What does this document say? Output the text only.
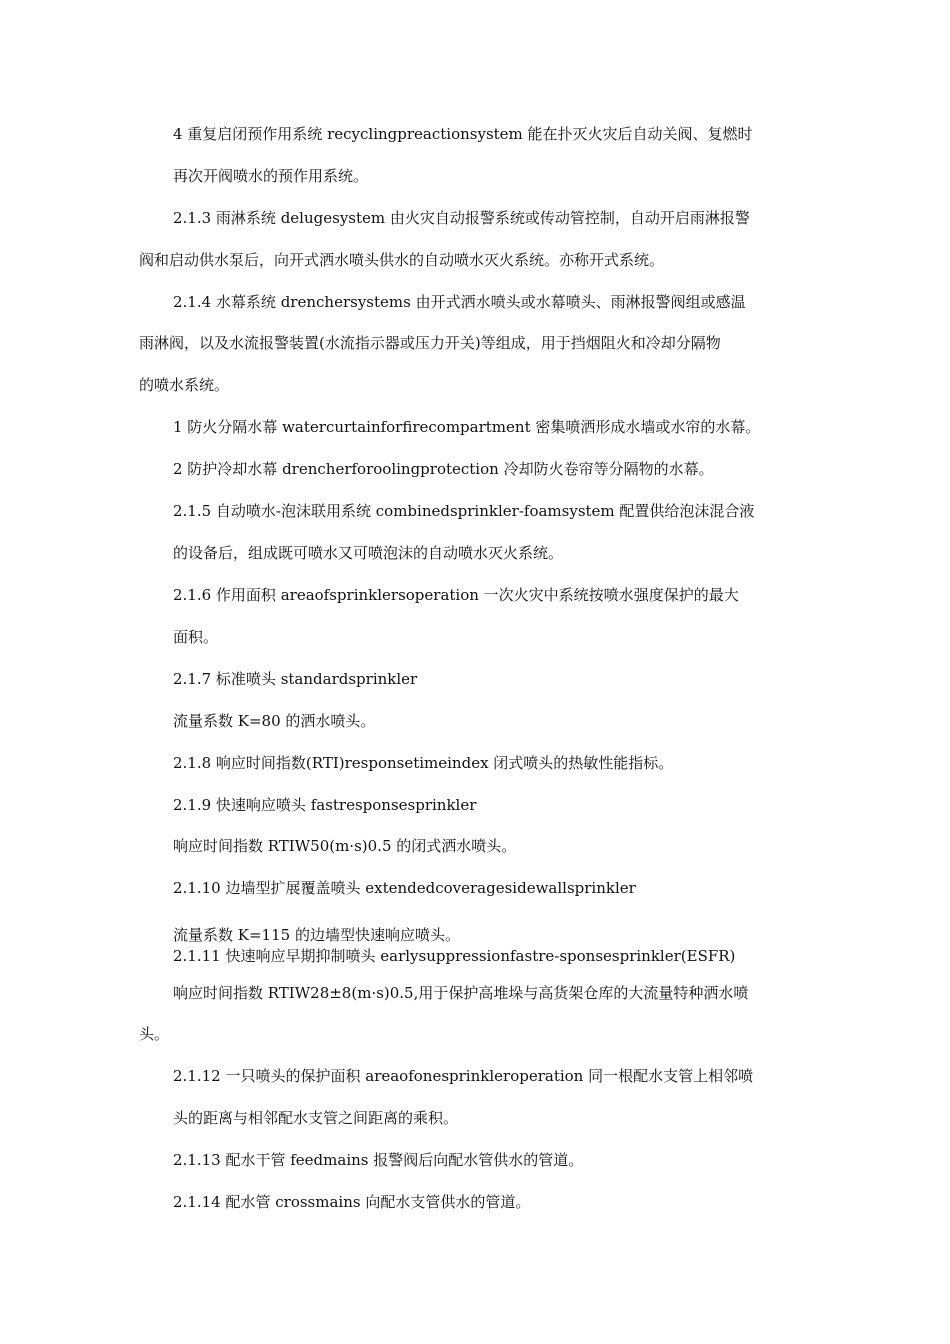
4 重复启闭预作用系统 recyclingpreactionsystem 能在扑灭火灾后自动关阀、复燃时
再次开阀喷水的预作用系统。
2.1.3 雨淋系统 delugesystem 由火灾自动报警系统或传动管控制，自动开启雨淋报警
阀和启动供水泵后，向开式洒水喷头供水的自动喷水灭火系统。亦称开式系统。
2.1.4 水幕系统 drenchersystems 由开式洒水喷头或水幕喷头、雨淋报警阀组或感温
雨淋阀，以及水流报警装置(水流指示器或压力开关)等组成，用于挡烟阻火和冷却分隔物
的喷水系统。
1 防火分隔水幕 watercurtainforfirecompartment 密集喷洒形成水墙或水帘的水幕。
2 防护冷却水幕 drencherforoolingprotection 冷却防火卷帘等分隔物的水幕。
2.1.5 自动喷水-泡沫联用系统 combinedsprinkler-foamsystem 配置供给泡沫混合液
的设备后，组成既可喷水又可喷泡沫的自动喷水灭火系统。
2.1.6 作用面积 areaofsprinklersoperation 一次火灾中系统按喷水强度保护的最大
面积。
2.1.7 标准喷头 standardsprinkler
流量系数 K=80 的洒水喷头。
2.1.8 响应时间指数(RTI)responsetimeindex 闭式喷头的热敏性能指标。
2.1.9 快速响应喷头 fastresponsesprinkler
响应时间指数 RTIW50(m·s)0.5 的闭式洒水喷头。
2.1.10 边墙型扩展覆盖喷头 extendedcoveragesidewallsprinkler
流量系数 K=115 的边墙型快速响应喷头。
2.1.11 快速响应早期抑制喷头 earlysuppressionfastre-sponsesprinkler(ESFR)
响应时间指数 RTIW28±8(m·s)0.5,用于保护高堆垛与高货架仓库的大流量特种洒水喷
头。
2.1.12 一只喷头的保护面积 areaofonesprinkleroperation 同一根配水支管上相邻喷
头的距离与相邻配水支管之间距离的乘积。
2.1.13 配水干管 feedmains 报警阀后向配水管供水的管道。
2.1.14 配水管 crossmains 向配水支管供水的管道。
